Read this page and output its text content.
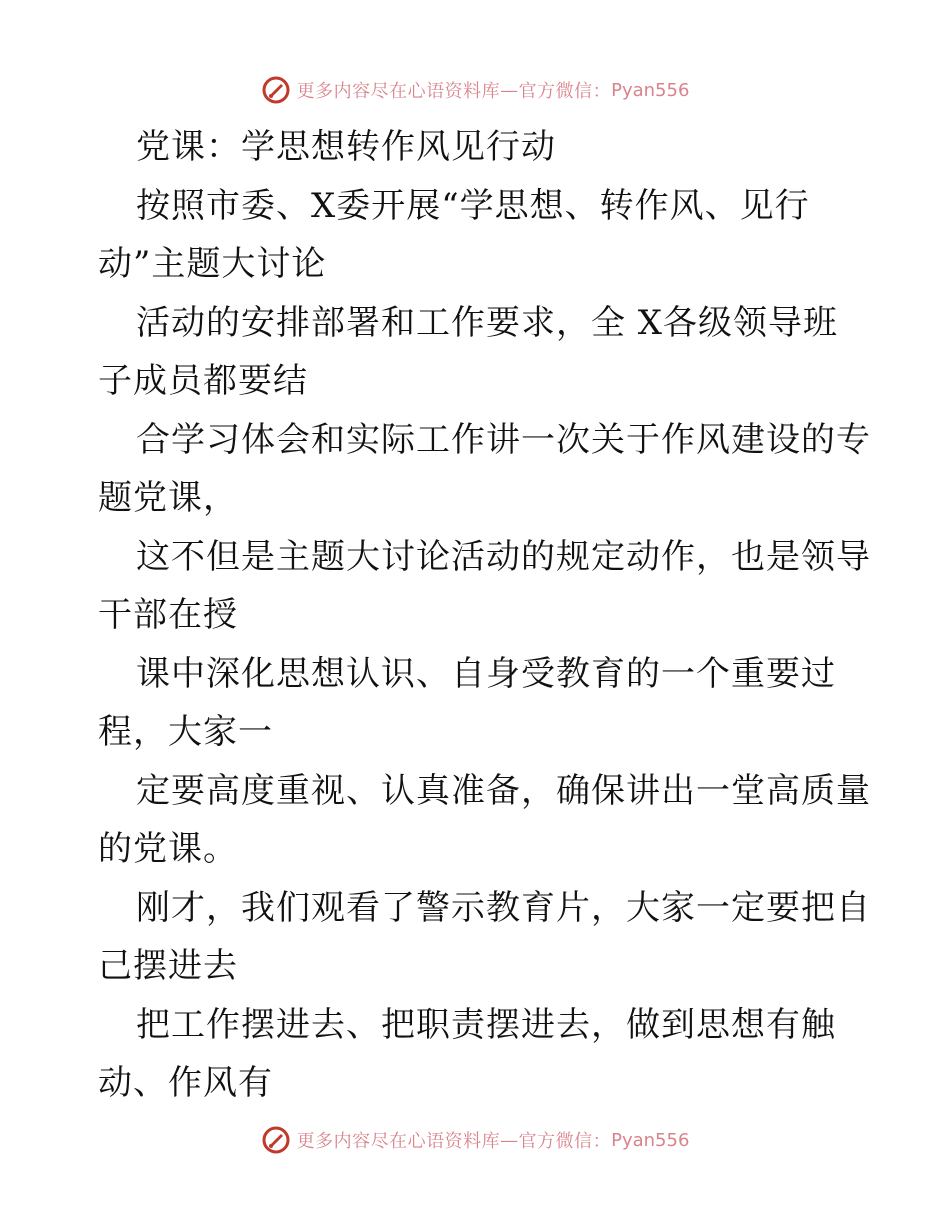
更多内容尽在心语资料库 — 官方微信： Pyan556
党课：学思想转作风见行动
按照市委、X委开展“学思想、转作风、见行
动”主题大讨论
活动的安排部署和工作要求，全 X各级领导班
子成员都要结
合学习体会和实际工作讲一次关于作风建设的专
题党课，
这不但是主题大讨论活动的规定动作，也是领导
干部在授
课中深化思想认识、自身受教育的一个重要过
程，大家一
定要高度重视、认真准备，确保讲出一堂高质量
的党课。
刚才，我们观看了警示教育片，大家一定要把自
己摆进去
把工作摆进去、把职责摆进去，做到思想有触
动、作风有
更多内容尽在心语资料库 — 官方微信： Pyan556
